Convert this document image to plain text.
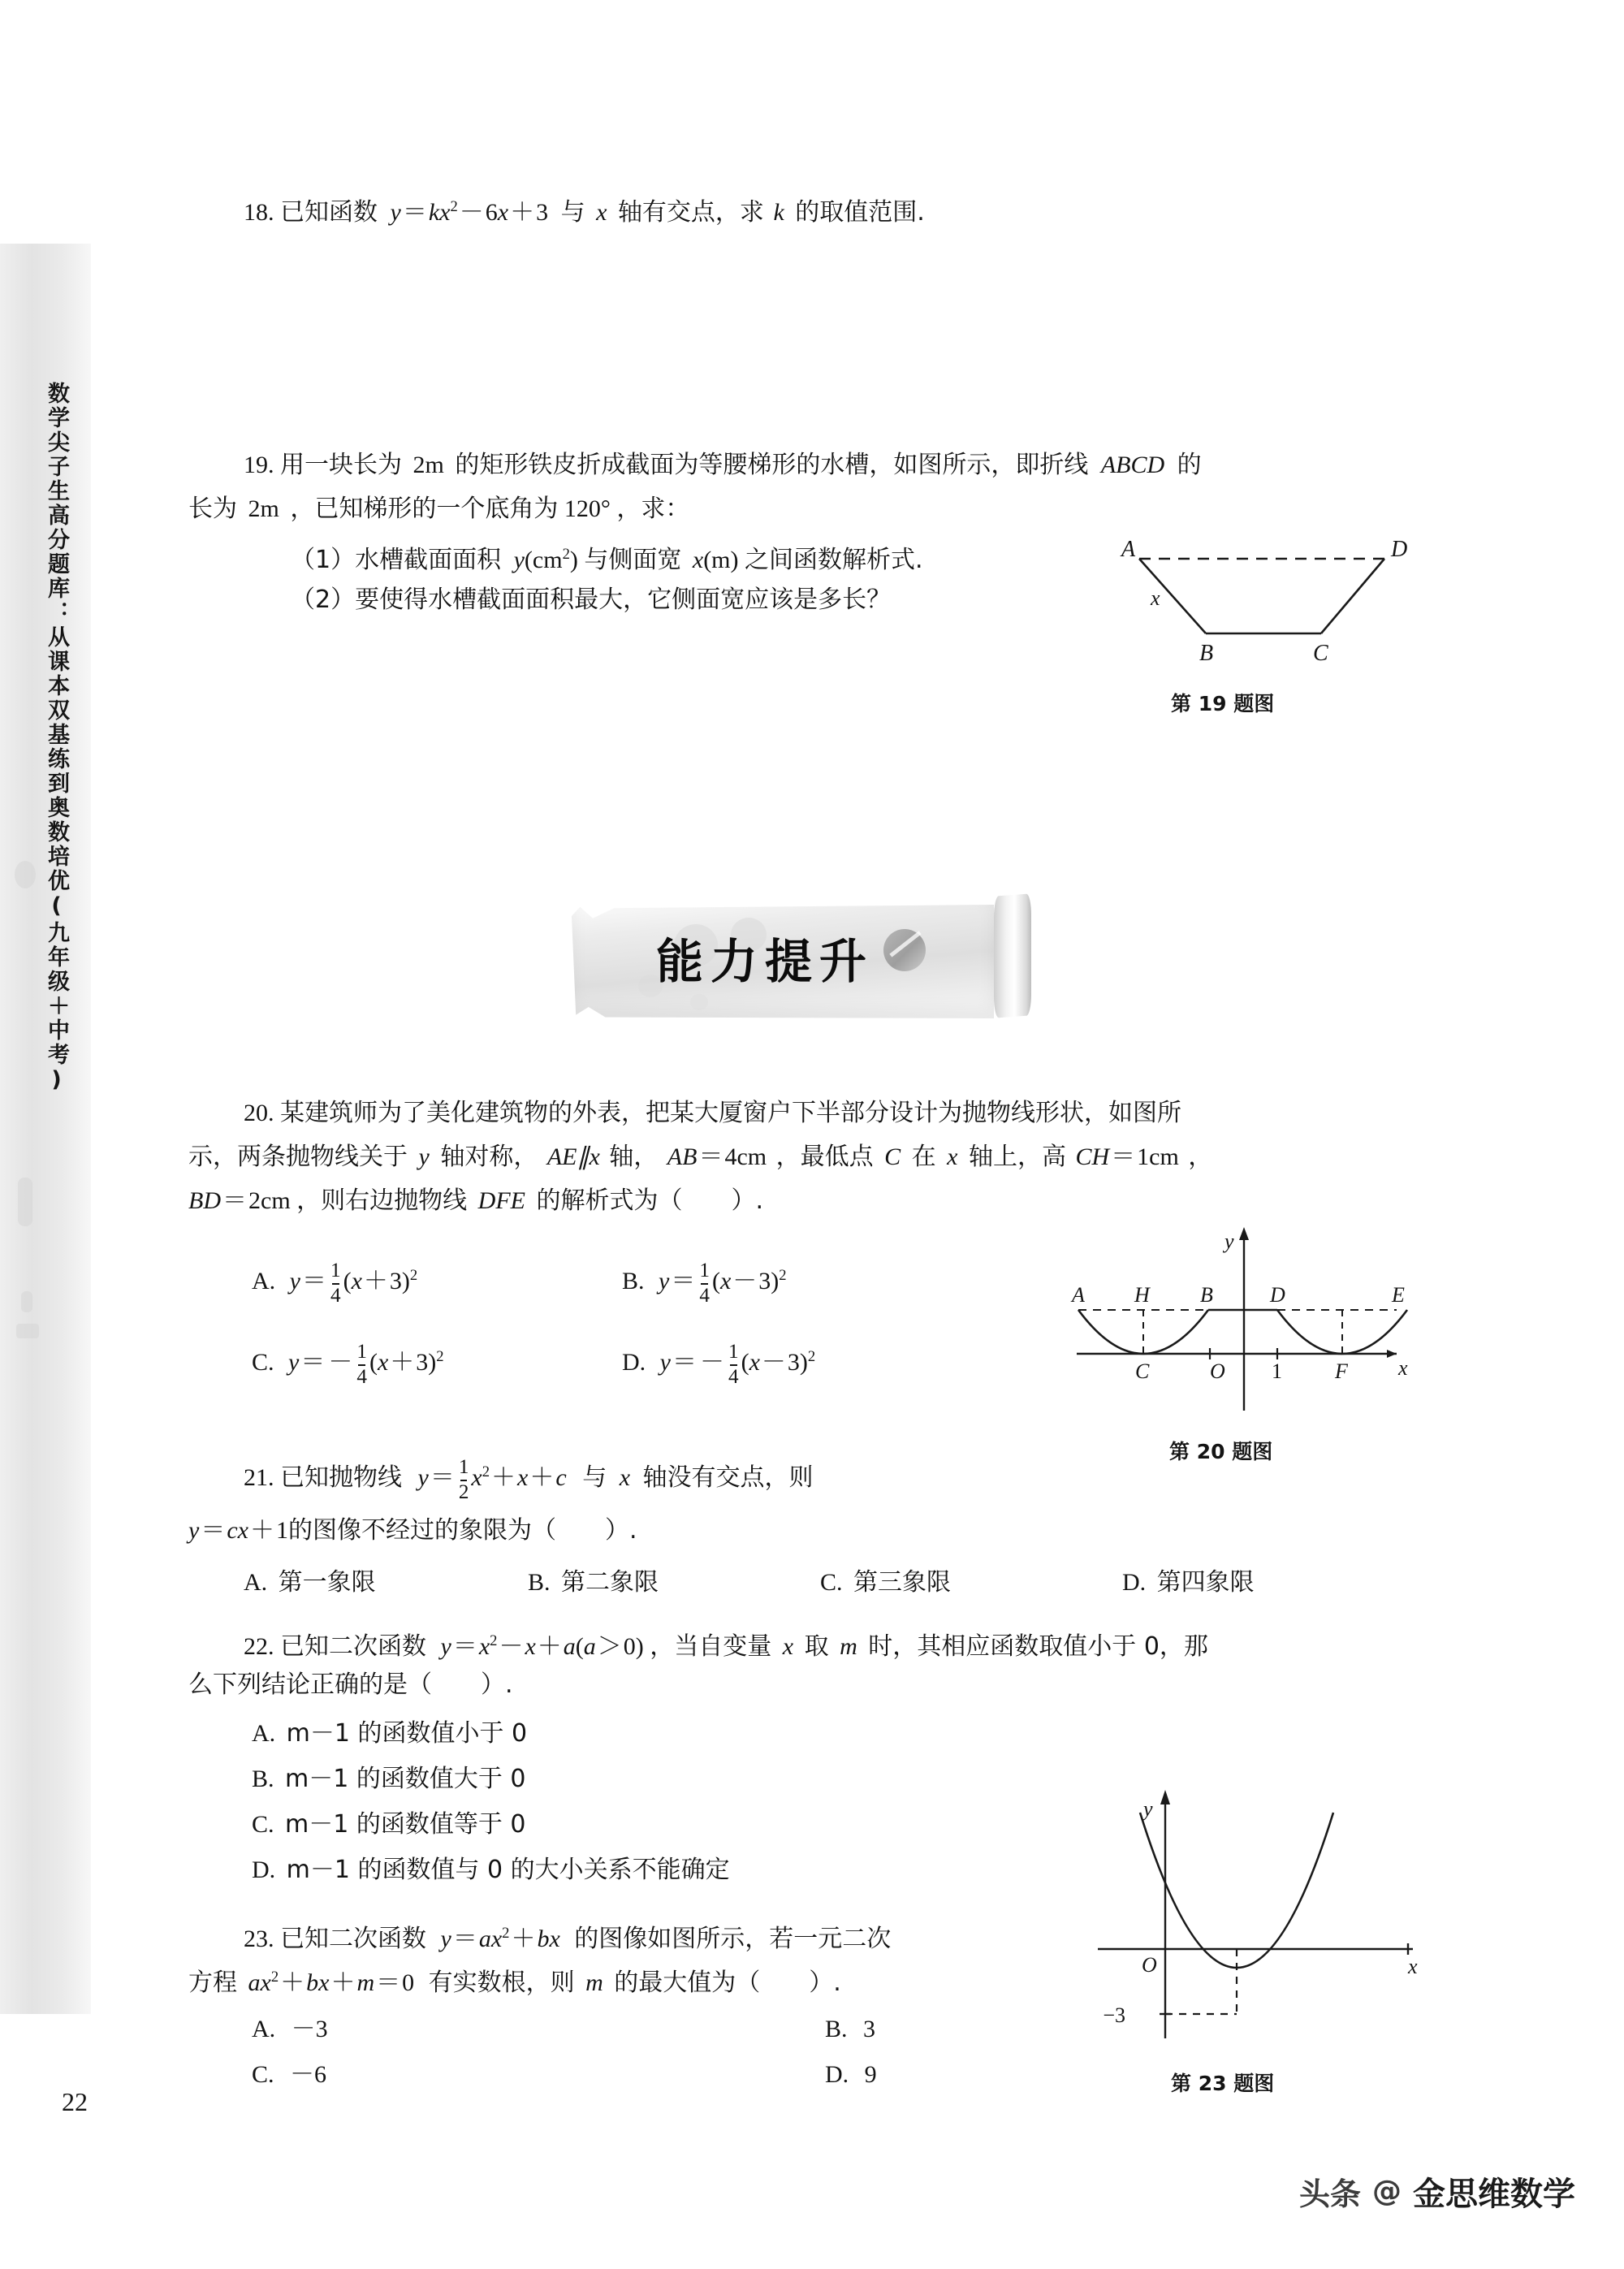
数学尖子生高分题库：从课本双基练到奥数培优(九年级＋中考)
18. 已知函数 $y=kx^2-6x+3$ 与 x 轴有交点，求 k 的取值范围.
19. 用一块长为 2m 的矩形铁皮折成截面为等腰梯形的水槽，如图所示，即折线 ABCD 的
长为 2m ，已知梯形的一个底角为 120° ，求：
（1）水槽截面面积 $y(cm^2)$ 与侧面宽 x(m) 之间函数解析式.
（2）要使得水槽截面面积最大，它侧面宽应该是多长？
A	D
B	C
x
第 19 题图
能力提升
20. 某建筑师为了美化建筑物的外表，把某大厦窗户下半部分设计为抛物线形状，如图所
示，两条抛物线关于 y 轴对称， AE∥x 轴， AB＝4cm ，最低点 C 在 x 轴上，高 CH＝1cm ，
BD＝2cm ，则右边抛物线 DFE 的解析式为（　　）.
A. $y= \frac{1}{4} (x+3)^2$	B. $y= \frac{1}{4} (x-3)^2$
C. $y= - \frac{1}{4} (x+3)^2$	D. $y= - \frac{1}{4} (x-3)^2$
A H B	D	E
C	O 1	F x
y
第 20 题图
21. 已知抛物线 $y= \frac{1}{2} x^2+x+c$ 与 x 轴没有交点，则
y＝cx＋1的图像不经过的象限为（　　）.
A. 第一象限	B. 第二象限	C. 第三象限	D. 第四象限
22. 已知二次函数 $y=x^2-x+a(a>0)$ ，当自变量 x 取 m 时，其相应函数取值小于 0，那
么下列结论正确的是（　　）.
A. m－1 的函数值小于 0
B. m－1 的函数值大于 0
C. m－1 的函数值等于 0
D. m－1 的函数值与 0 的大小关系不能确定
23. 已知二次函数 $y=ax^2+bx$ 的图像如图所示，若一元二次
方程 $ax^2+bx+m=0$ 有实数根，则 m 的最大值为（　　）.
A. －3	B. 3
C. －6	D. 9
O	x
y
−3
第 23 题图
22
头条 @ 金思维数学
